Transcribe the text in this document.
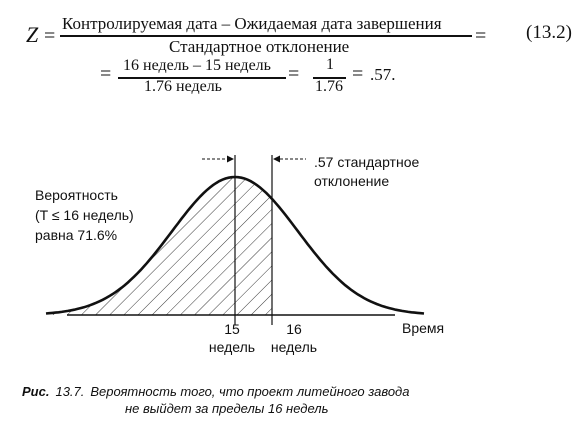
Z =
Контролируемая дата – Ожидаемая дата завершения
Стандартное отклонение	= (13.2)
= 16 недель – 15 недель
1.76 недель
= 1
1.76
= .57.
Вероятность
(T ≤ 16 недель)
равна 71.6%
.57 стандартное
отклонение
15
недель
16
недель
Время
Рис. 13.7. Вероятность того, что проект литейного завода
не выйдет за пределы 16 недель
